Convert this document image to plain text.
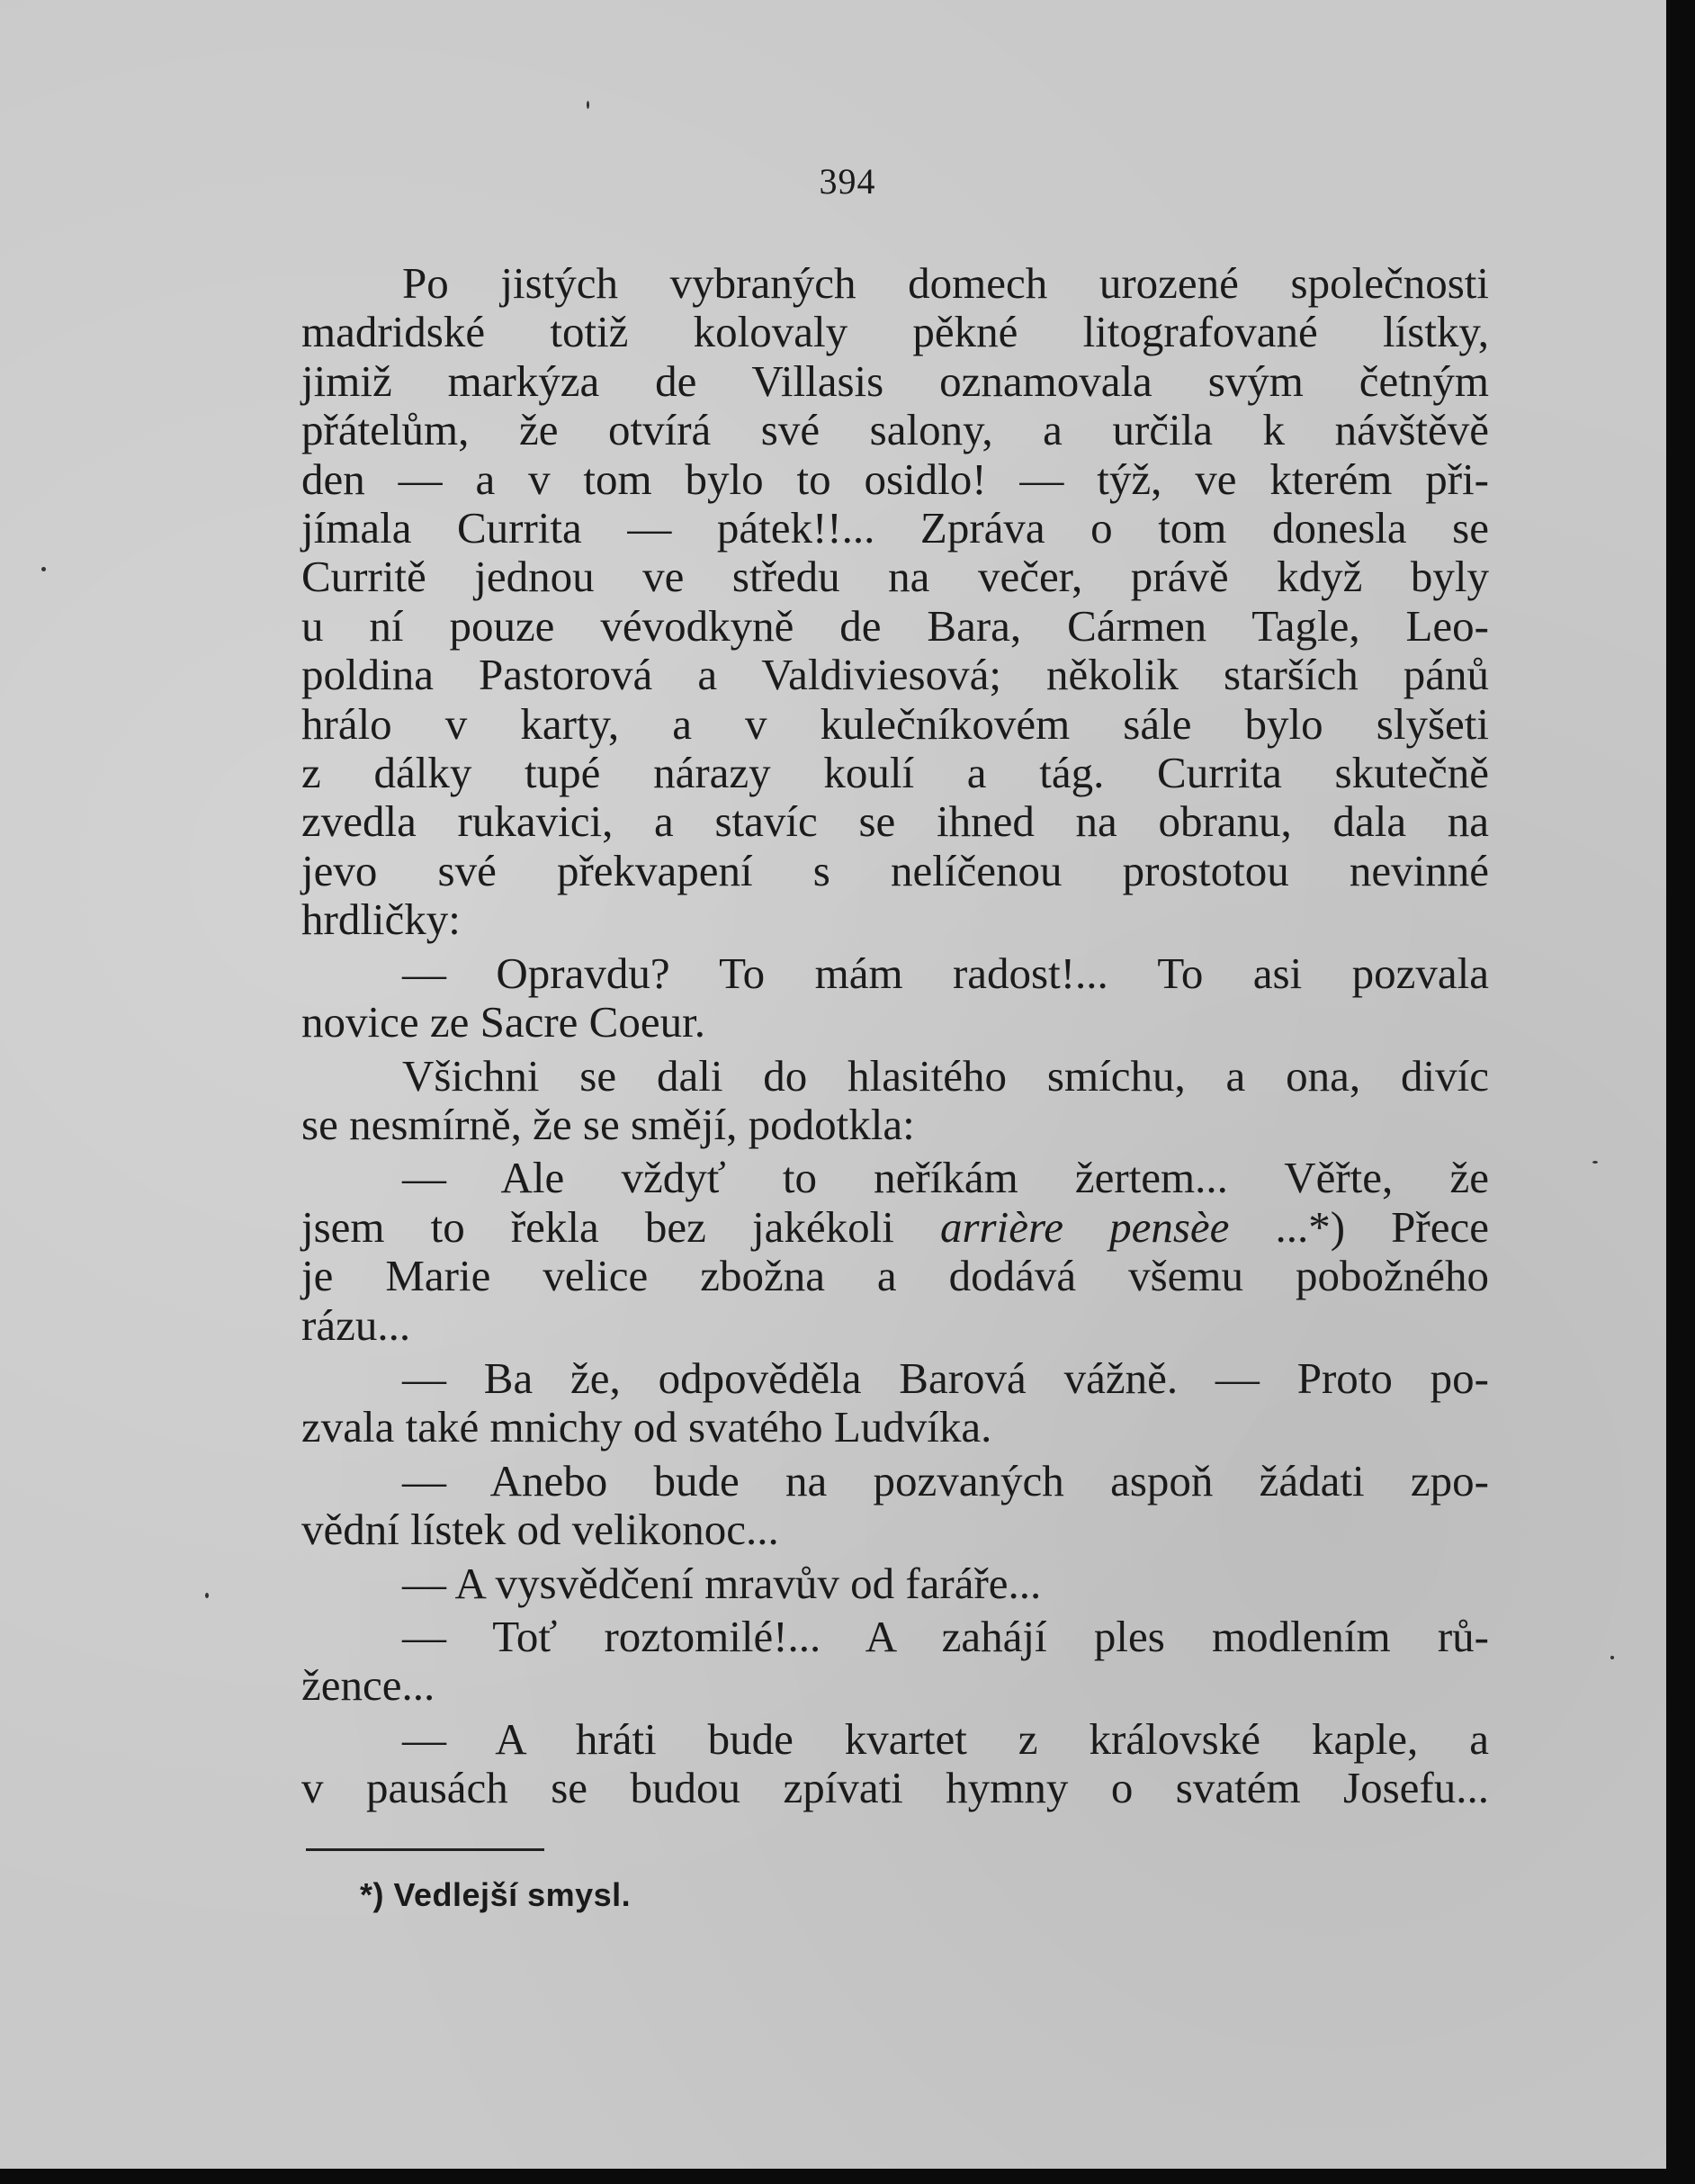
394
Po jistých vybraných domech urozené společnosti
madridské totiž kolovaly pěkné litografované lístky,
jimiž markýza de Villasis oznamovala svým četným
přátelům, že otvírá své salony, a určila k návštěvě
den — a v tom bylo to osidlo! — týž, ve kterém při-
jímala Currita — pátek!!... Zpráva o tom donesla se
Curritě jednou ve středu na večer, právě když byly
u ní pouze vévodkyně de Bara, Cármen Tagle, Leo-
poldina Pastorová a Valdiviesová; několik starších pánů
hrálo v karty, a v kulečníkovém sále bylo slyšeti
z dálky tupé nárazy koulí a tág. Currita skutečně
zvedla rukavici, a stavíc se ihned na obranu, dala na
jevo své překvapení s nelíčenou prostotou nevinné
hrdličky:
— Opravdu? To mám radost!... To asi pozvala
novice ze Sacre Coeur.
Všichni se dali do hlasitého smíchu, a ona, divíc
se nesmírně, že se smějí, podotkla:
— Ale vždyť to neříkám žertem... Věřte, že
jsem to řekla bez jakékoli arrière pensèe ...*) Přece
je Marie velice zbožna a dodává všemu pobožného
rázu...
— Ba že, odpověděla Barová vážně. — Proto po-
zvala také mnichy od svatého Ludvíka.
— Anebo bude na pozvaných aspoň žádati zpo-
vědní lístek od velikonoc...
— A vysvědčení mravův od faráře...
— Toť roztomilé!... A zahájí ples modlením rů-
žence...
— A hráti bude kvartet z královské kaple, a
v pausách se budou zpívati hymny o svatém Josefu...
*) Vedlejší smysl.
